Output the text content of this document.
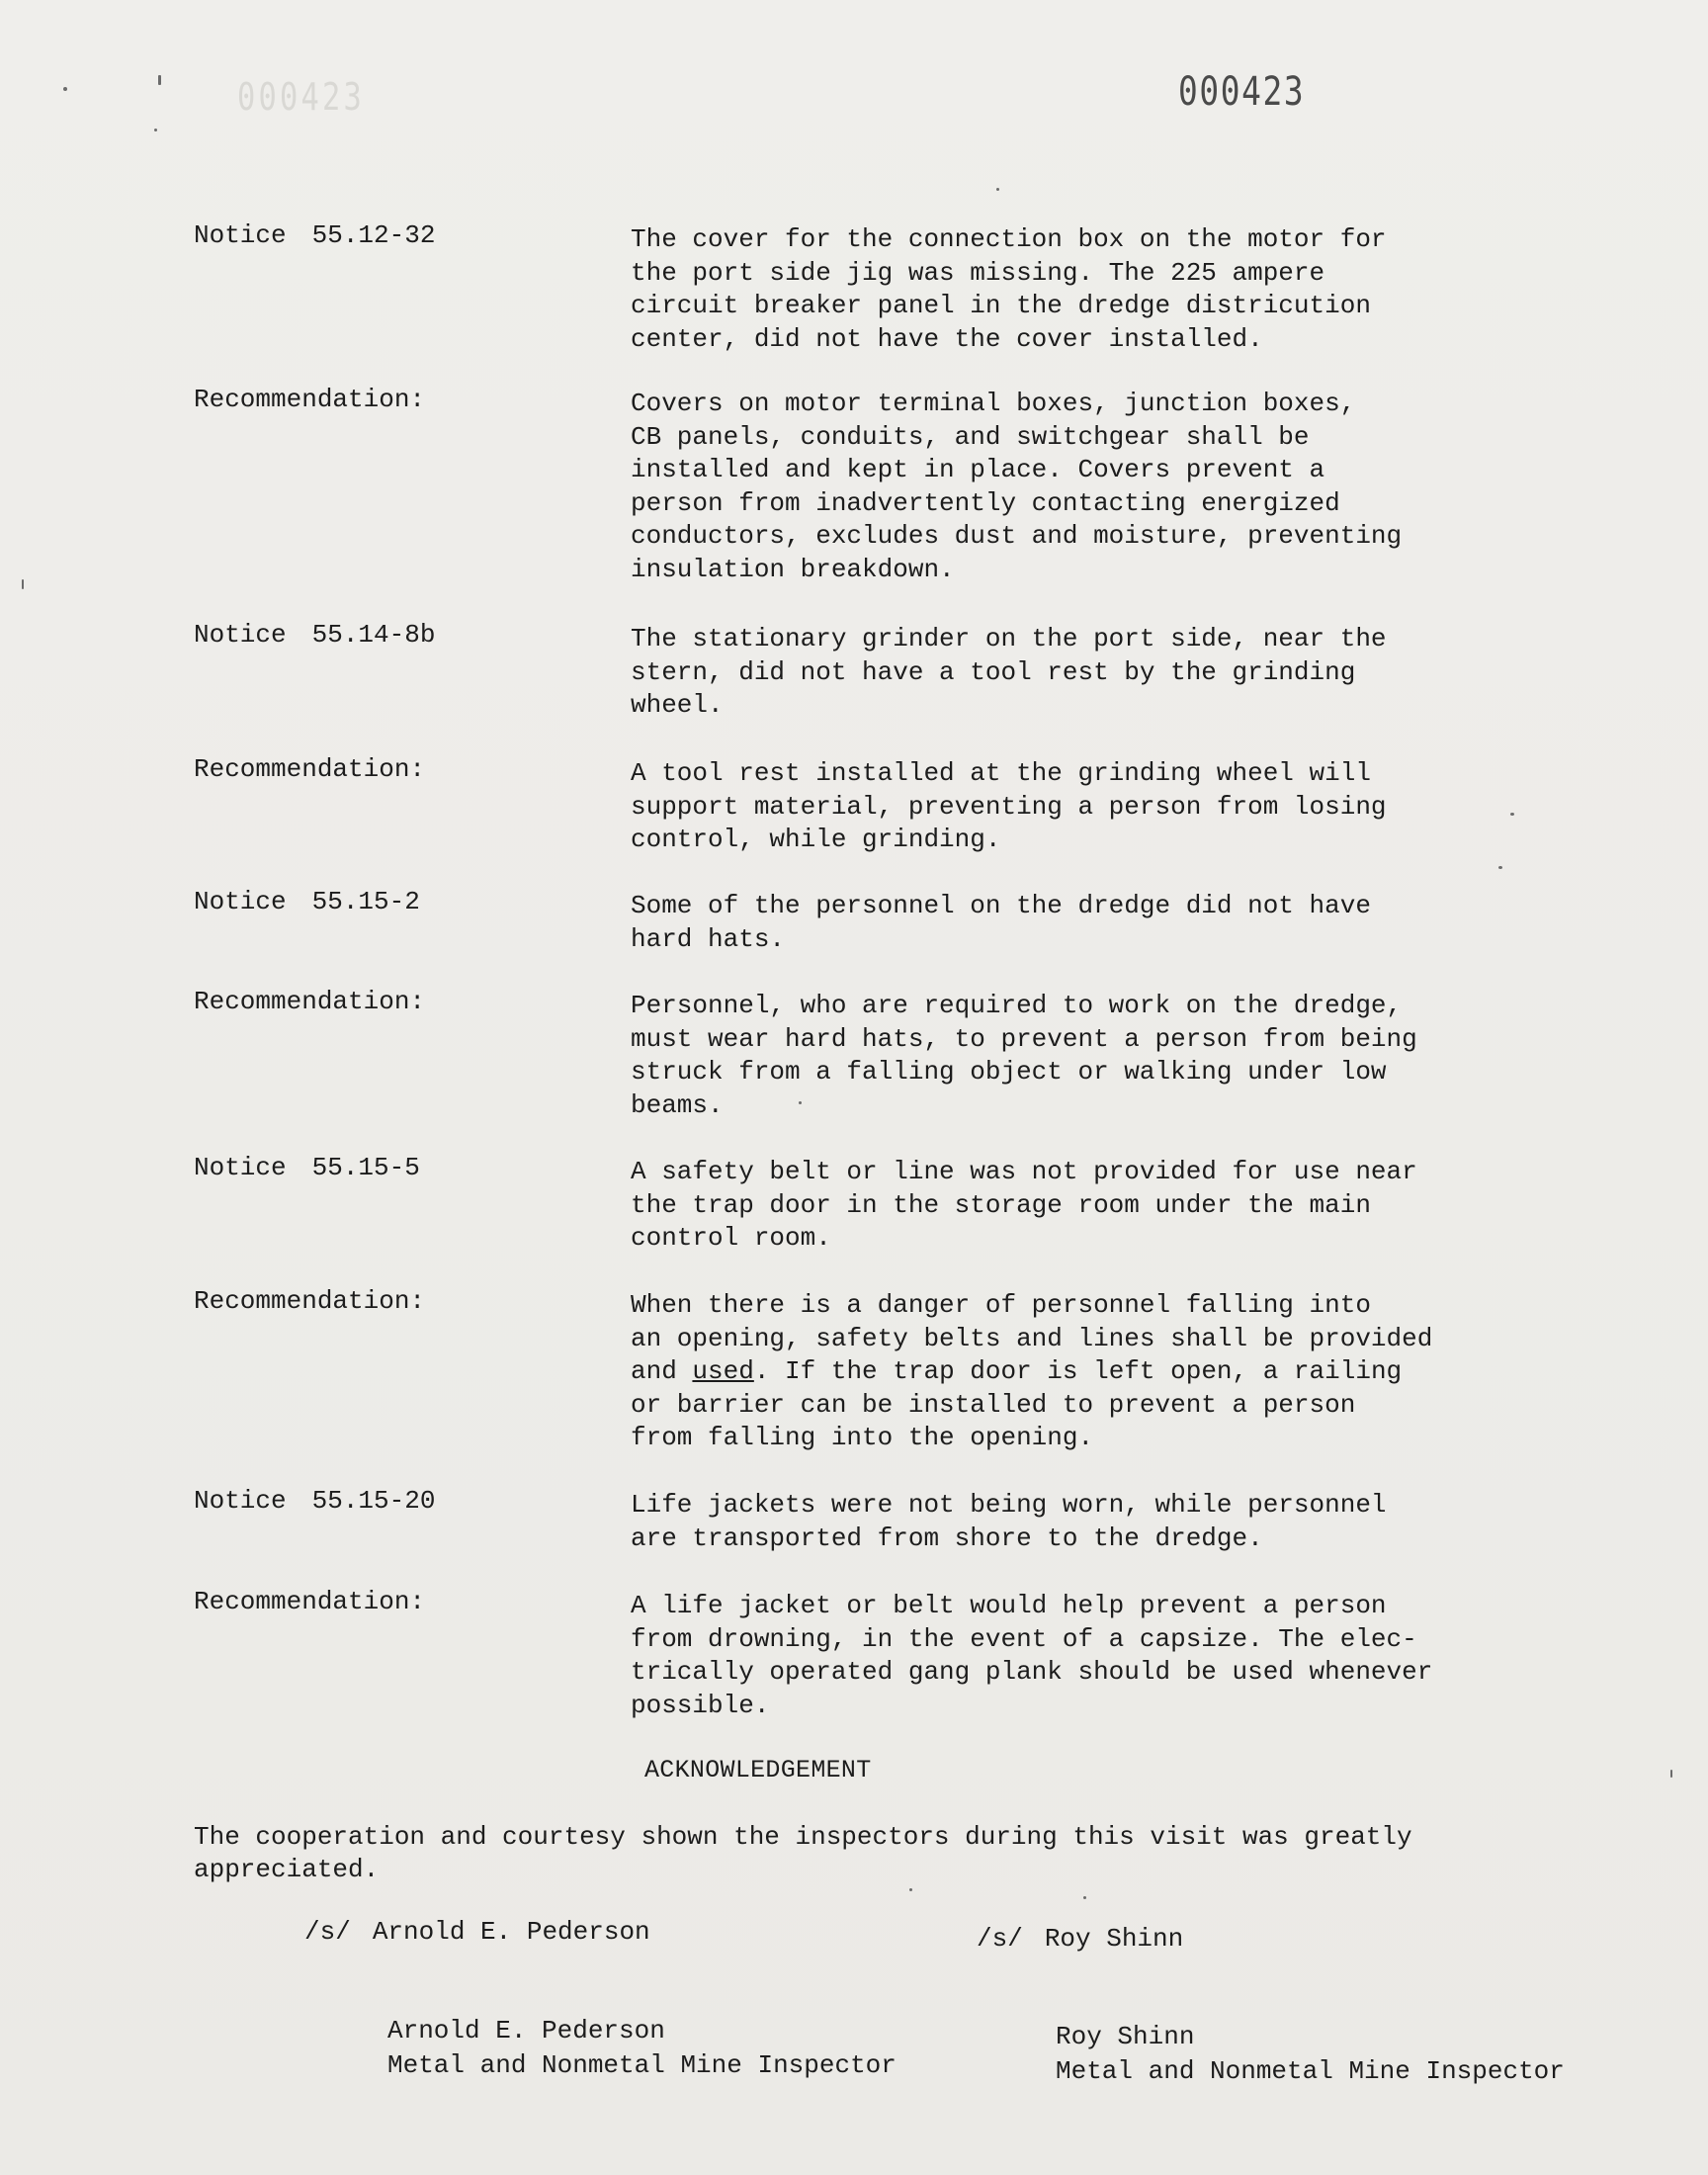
000423	000423
Notice 55.12-32	The cover for the connection box on the motor for
the port side jig was missing. The 225 ampere
circuit breaker panel in the dredge districution
center, did not have the cover installed.
Recommendation:	Covers on motor terminal boxes, junction boxes,
CB panels, conduits, and switchgear shall be
installed and kept in place. Covers prevent a
person from inadvertently contacting energized
conductors, excludes dust and moisture, preventing
insulation breakdown.
Notice 55.14-8b	The stationary grinder on the port side, near the
stern, did not have a tool rest by the grinding
wheel.
Recommendation:	A tool rest installed at the grinding wheel will
support material, preventing a person from losing
control, while grinding.
Notice 55.15-2	Some of the personnel on the dredge did not have
hard hats.
Recommendation:	Personnel, who are required to work on the dredge,
must wear hard hats, to prevent a person from being
struck from a falling object or walking under low
beams.
Notice 55.15-5	A safety belt or line was not provided for use near
the trap door in the storage room under the main
control room.
Recommendation:	When there is a danger of personnel falling into
an opening, safety belts and lines shall be provided
and used. If the trap door is left open, a railing
or barrier can be installed to prevent a person
from falling into the opening.
Notice 55.15-20	Life jackets were not being worn, while personnel
are transported from shore to the dredge.
Recommendation:	A life jacket or belt would help prevent a person
from drowning, in the event of a capsize. The elec-
trically operated gang plank should be used whenever
possible.
ACKNOWLEDGEMENT
The cooperation and courtesy shown the inspectors during this visit was greatly
appreciated.
/s/ Arnold E. Pederson	/s/ Roy Shinn
Arnold E. Pederson
Metal and Nonmetal Mine Inspector
Roy Shinn
Metal and Nonmetal Mine Inspector
